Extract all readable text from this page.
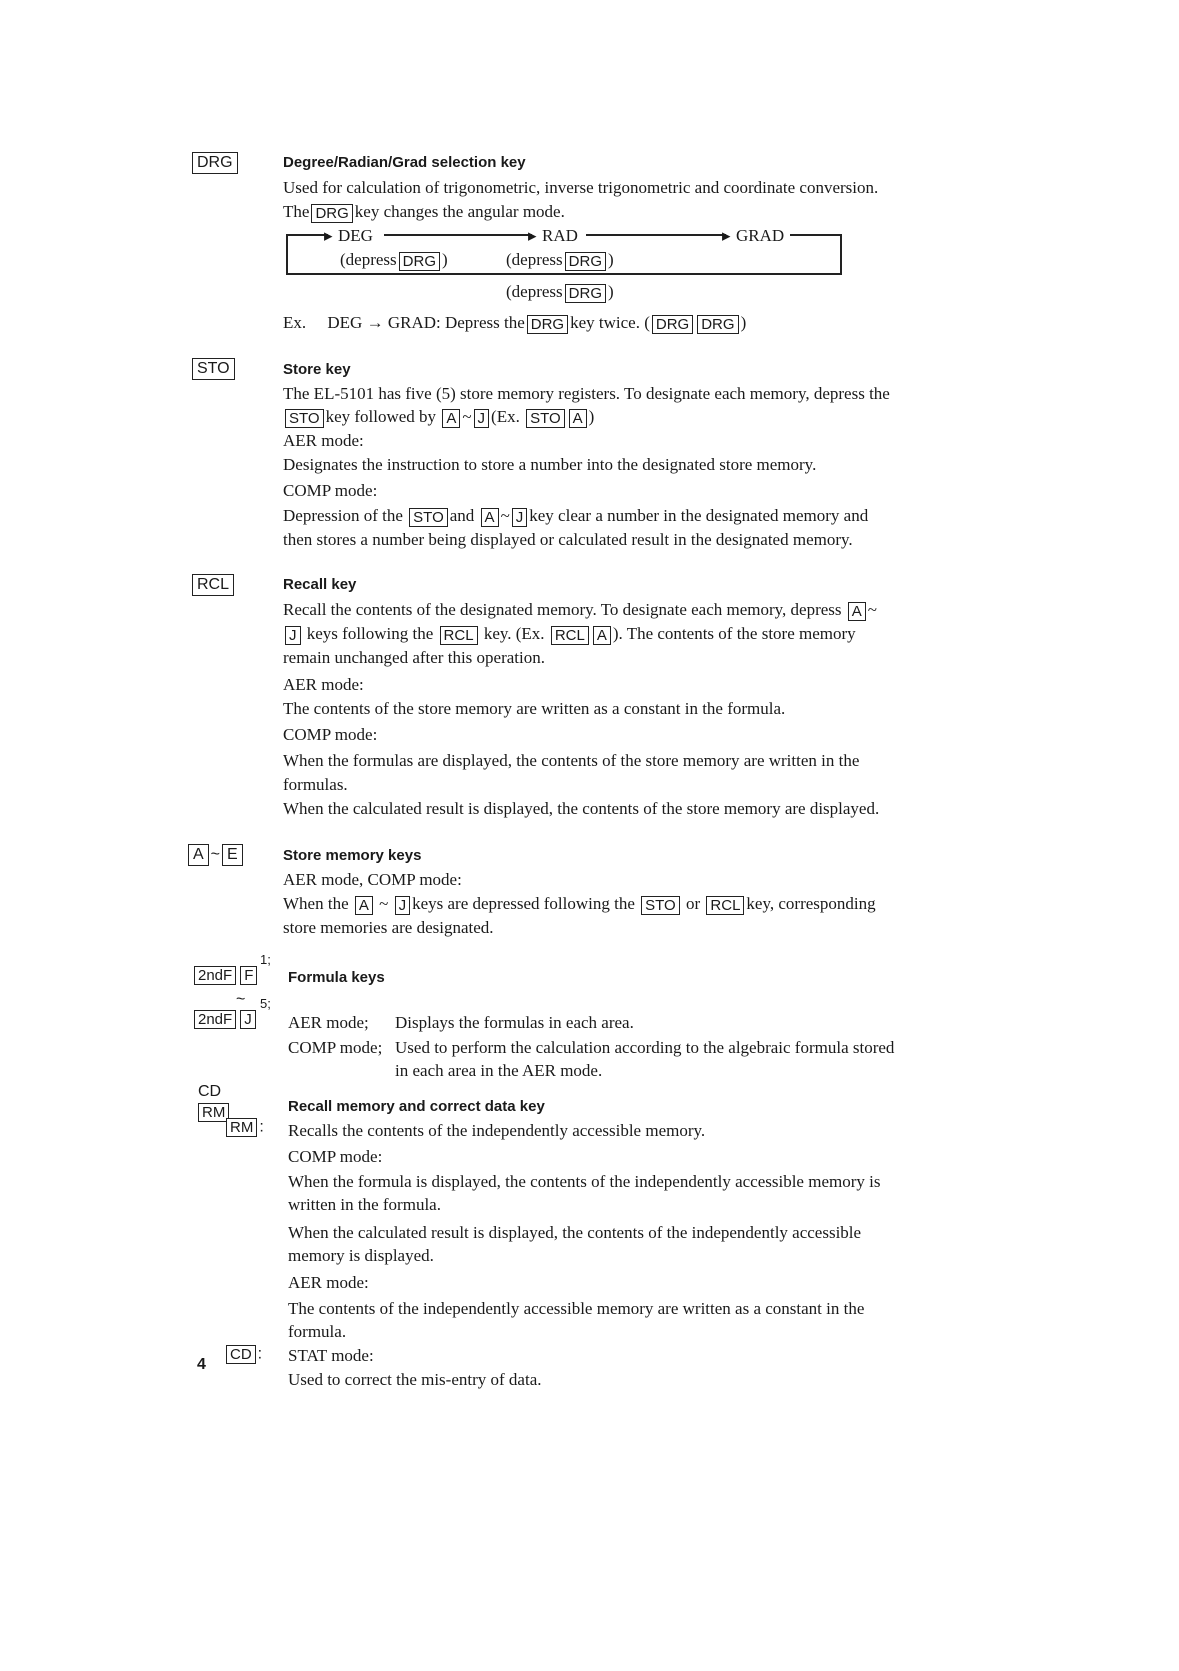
DRG	Degree/Radian/Grad selection key
Used for calculation of trigonometric, inverse trigonometric and coordinate conversion.
The DRG key changes the angular mode.
▸ DEG	▸ RAD	▸ GRAD
(depress DRG )	(depress DRG )
(depress DRG )
Ex. DEG → GRAD: Depress the DRG key twice. ( DRG DRG )
STO	Store key
The EL-5101 has five (5) store memory registers. To designate each memory, depress the
STO key followed by A ~ J (Ex. STO A )
AER mode:
Designates the instruction to store a number into the designated store memory.
COMP mode:
Depression of the STO and A ~ J key clear a number in the designated memory and
then stores a number being displayed or calculated result in the designated memory.
RCL	Recall key
Recall the contents of the designated memory. To designate each memory, depress A ~
J keys following the RCL key. (Ex. RCL A ). The contents of the store memory
remain unchanged after this operation.
AER mode:
The contents of the store memory are written as a constant in the formula.
COMP mode:
When the formulas are displayed, the contents of the store memory are written in the
formulas.
When the calculated result is displayed, the contents of the store memory are displayed.
A ~ E	Store memory keys
AER mode, COMP mode:
When the A ~ J keys are depressed following the STO or RCL key, corresponding
store memories are designated.
1;
2ndF F	Formula keys
~ 5;
2ndF J	AER mode; Displays the formulas in each area.
COMP mode; Used to perform the calculation according to the algebraic formula stored
in each area in the AER mode.
CD
RM
RM :
Recall memory and correct data key
Recalls the contents of the independently accessible memory.
COMP mode:
When the formula is displayed, the contents of the independently accessible memory is
written in the formula.
When the calculated result is displayed, the contents of the independently accessible
memory is displayed.
AER mode:
The contents of the independently accessible memory are written as a constant in the
formula.
4
CD : STAT mode:
Used to correct the mis-entry of data.
